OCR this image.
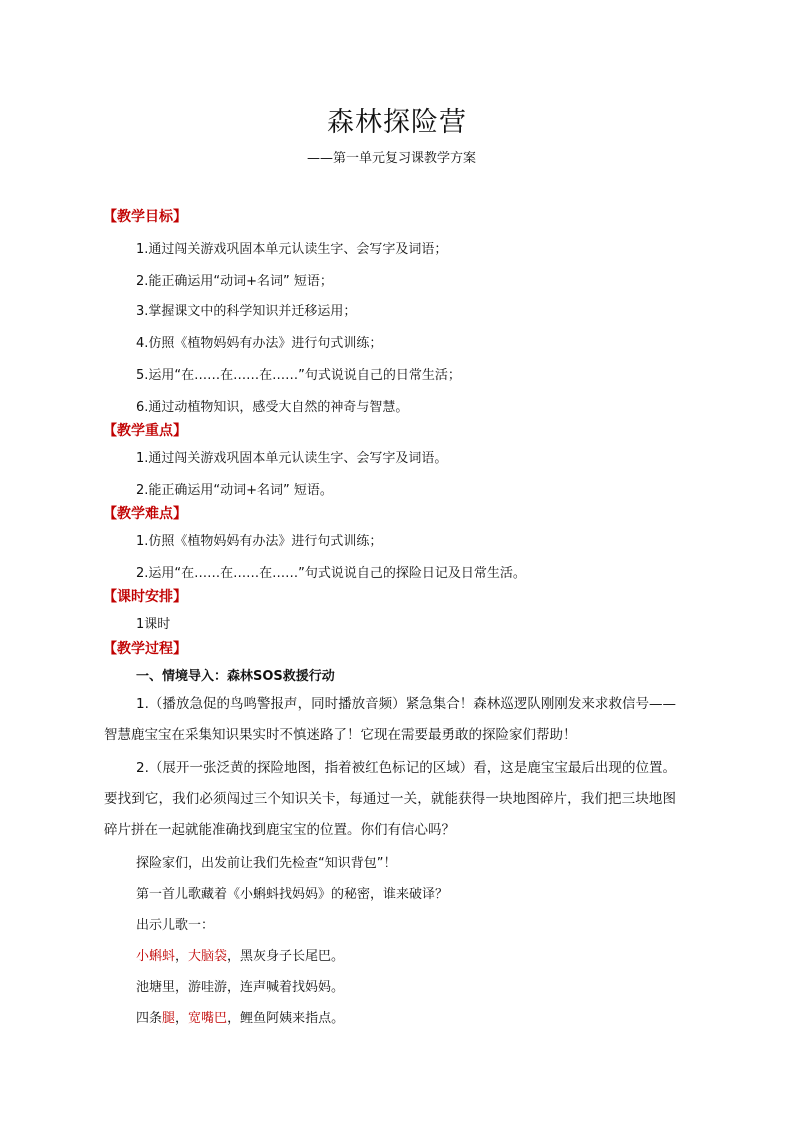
森林探险营
——第一单元复习课教学方案
【教学目标】
1.通过闯关游戏巩固本单元认读生字、会写字及词语；
2.能正确运用“动词+名词” 短语；
3.掌握课文中的科学知识并迁移运用；
4.仿照《植物妈妈有办法》进行句式训练；
5.运用“在……在……在……”句式说说自己的日常生活；
6.通过动植物知识，感受大自然的神奇与智慧。
【教学重点】
1.通过闯关游戏巩固本单元认读生字、会写字及词语。
2.能正确运用“动词+名词” 短语。
【教学难点】
1.仿照《植物妈妈有办法》进行句式训练；
2.运用“在……在……在……”句式说说自己的探险日记及日常生活。
【课时安排】
1课时
【教学过程】
一、情境导入：森林SOS救援行动
1.（播放急促的鸟鸣警报声，同时播放音频）紧急集合！森林巡逻队刚刚发来求救信号——智慧鹿宝宝在采集知识果实时不慎迷路了！它现在需要最勇敢的探险家们帮助！
2.（展开一张泛黄的探险地图，指着被红色标记的区域）看，这是鹿宝宝最后出现的位置。要找到它，我们必须闯过三个知识关卡，每通过一关，就能获得一块地图碎片，我们把三块地图碎片拼在一起就能准确找到鹿宝宝的位置。你们有信心吗？
探险家们，出发前让我们先检查“知识背包”！
第一首儿歌藏着《小蝌蚪找妈妈》的秘密，谁来破译？
出示儿歌一：
小蝌蚪，大脑袋，黑灰身子长尾巴。
池塘里，游哇游，连声喊着找妈妈。
四条腿，宽嘴巴，鲤鱼阿姨来指点。
